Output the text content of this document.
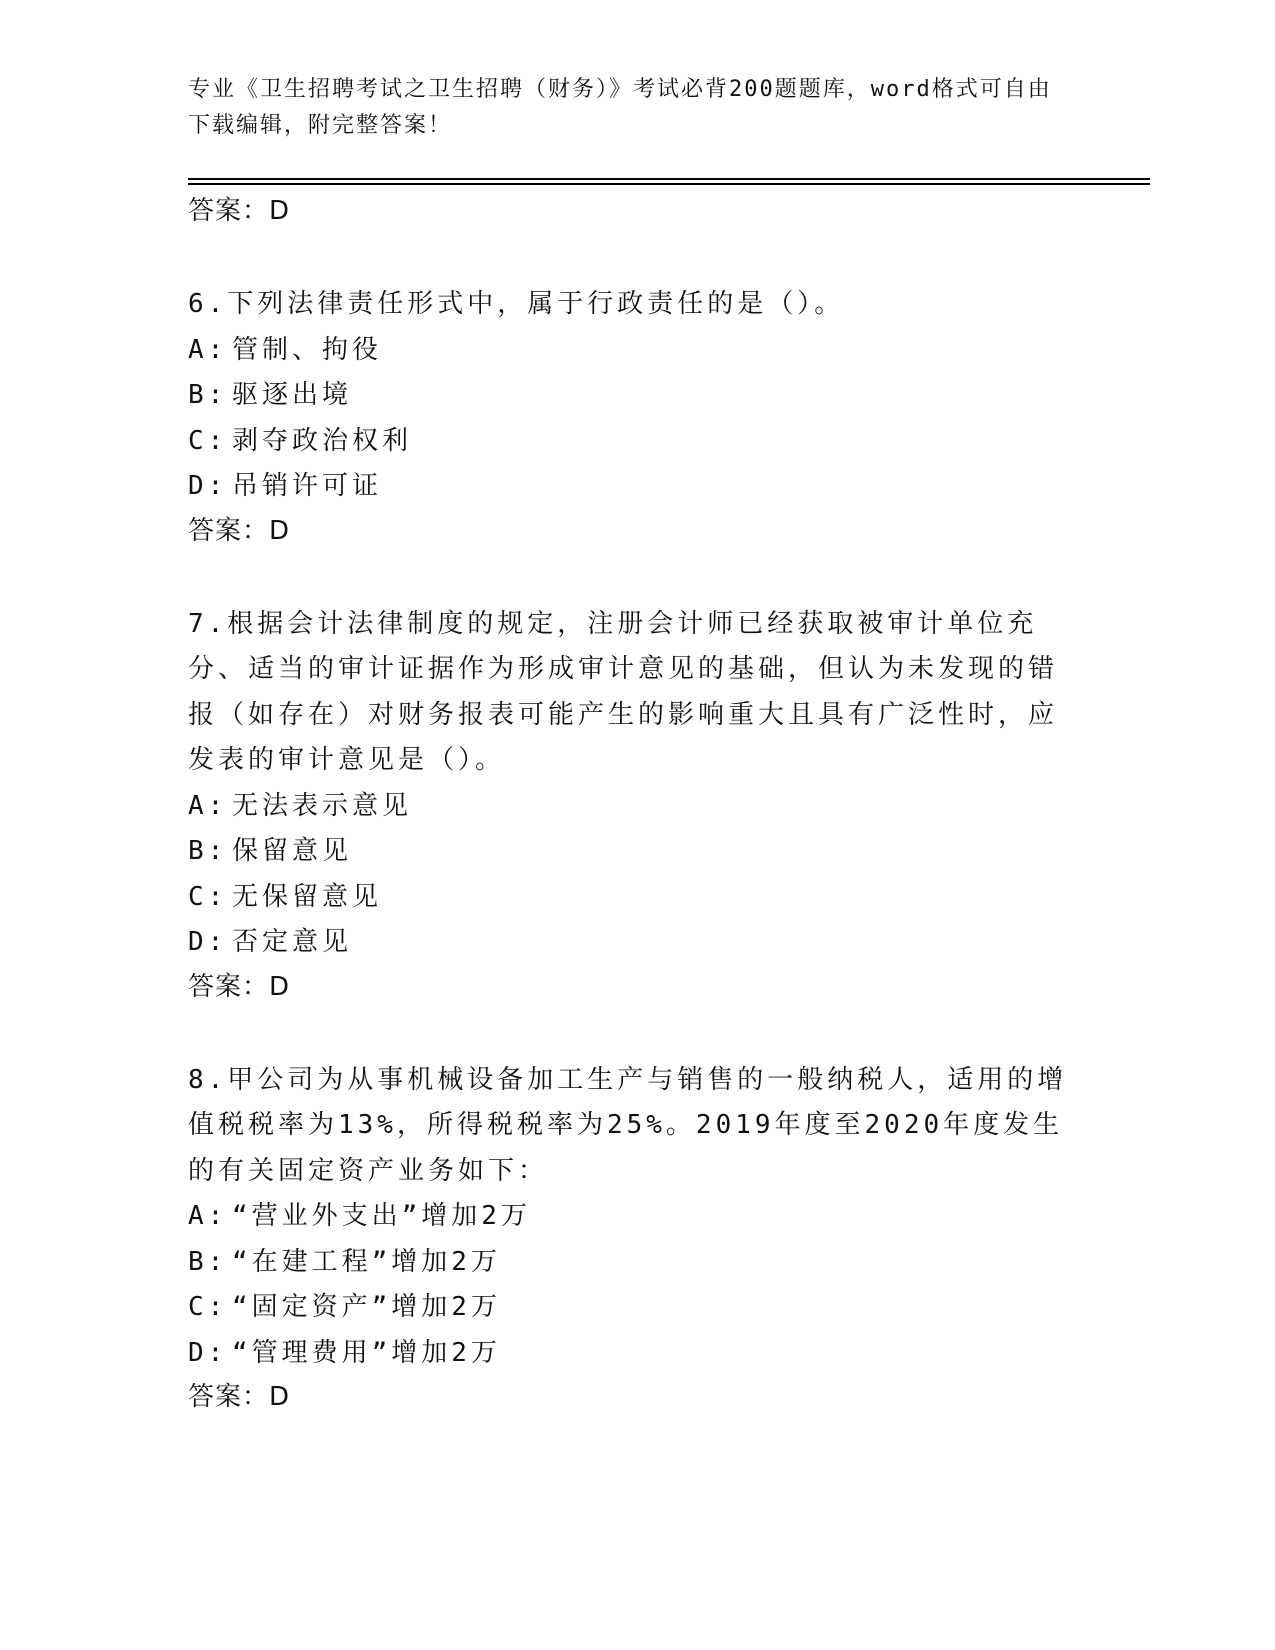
专业《卫生招聘考试之卫生招聘（财务）》考试必背200题题库，word格式可自由下载编辑，附完整答案！
答案：D
6.下列法律责任形式中，属于行政责任的是（）。
A: 管制、拘役
B: 驱逐出境
C: 剥夺政治权利
D: 吊销许可证
答案：D
7.根据会计法律制度的规定，注册会计师已经获取被审计单位充分、适当的审计证据作为形成审计意见的基础，但认为未发现的错报（如存在）对财务报表可能产生的影响重大且具有广泛性时，应发表的审计意见是（）。
A: 无法表示意见
B: 保留意见
C: 无保留意见
D: 否定意见
答案：D
8.甲公司为从事机械设备加工生产与销售的一般纳税人，适用的增值税税率为13%，所得税税率为25%。2019年度至2020年度发生的有关固定资产业务如下：
A: “营业外支出”增加2万
B: “在建工程”增加2万
C: “固定资产”增加2万
D: “管理费用”增加2万
答案：D
